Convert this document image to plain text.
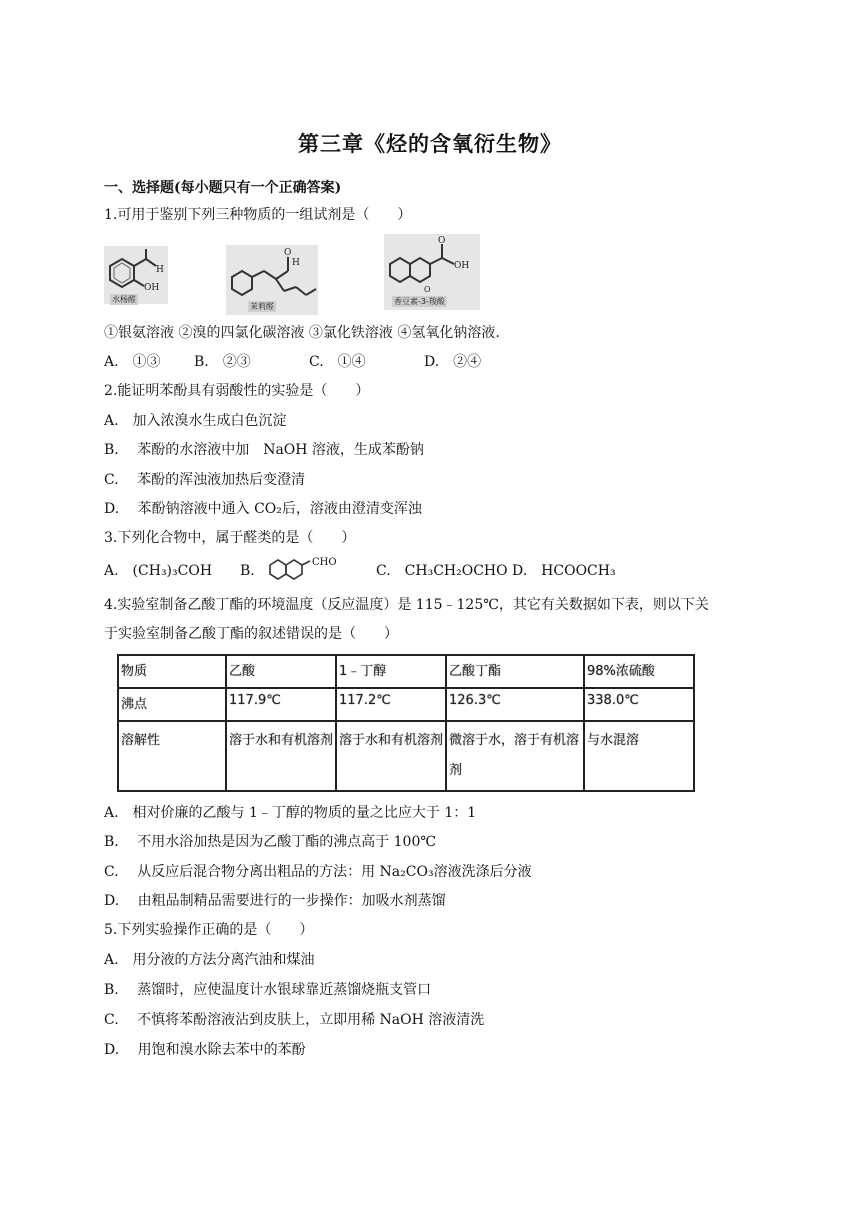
第三章《烃的含氧衍生物》
一、选择题(每小题只有一个正确答案)
1.可用于鉴别下列三种物质的一组试剂是（　　）
H
OH
水杨醛
H
O
茉莉醛
O
OH
O
香豆素-3-羧酸
①银氨溶液 ②溴的四氯化碳溶液 ③氯化铁溶液 ④氢氧化钠溶液.
A.　①③ B.　②③	C.　①④	D.　②④
2.能证明苯酚具有弱酸性的实验是（　　）
A.　加入浓溴水生成白色沉淀
B.　 苯酚的水溶液中加　NaOH 溶液，生成苯酚钠
C.　 苯酚的浑浊液加热后变澄清
D.　 苯酚钠溶液中通入 CO₂后，溶液由澄清变浑浊
3.下列化合物中，属于醛类的是（　　）
A.　(CH₃)₃COH B.
CHO
C.　CH₃CH₂OCHO D.　HCOOCH₃
4.实验室制备乙酸丁酯的环境温度（反应温度）是 115﹣125℃，其它有关数据如下表，则以下关
于实验室制备乙酸丁酯的叙述错误的是（　　）
物质	乙酸	1﹣丁醇	乙酸丁酯	98%浓硫酸
沸点	117.9℃	117.2℃	126.3℃	338.0℃
溶解性	溶于水和有机溶剂	溶于水和有机溶剂	微溶于水，溶于有机溶剂	与水混溶
A.　相对价廉的乙酸与 1﹣丁醇的物质的量之比应大于 1：1
B.　 不用水浴加热是因为乙酸丁酯的沸点高于 100℃
C.　 从反应后混合物分离出粗品的方法：用 Na₂CO₃溶液洗涤后分液
D.　 由粗品制精品需要进行的一步操作：加吸水剂蒸馏
5.下列实验操作正确的是（　　）
A.　用分液的方法分离汽油和煤油
B.　 蒸馏时，应使温度计水银球靠近蒸馏烧瓶支管口
C.　 不慎将苯酚溶液沾到皮肤上，立即用稀 NaOH 溶液清洗
D.　 用饱和溴水除去苯中的苯酚
